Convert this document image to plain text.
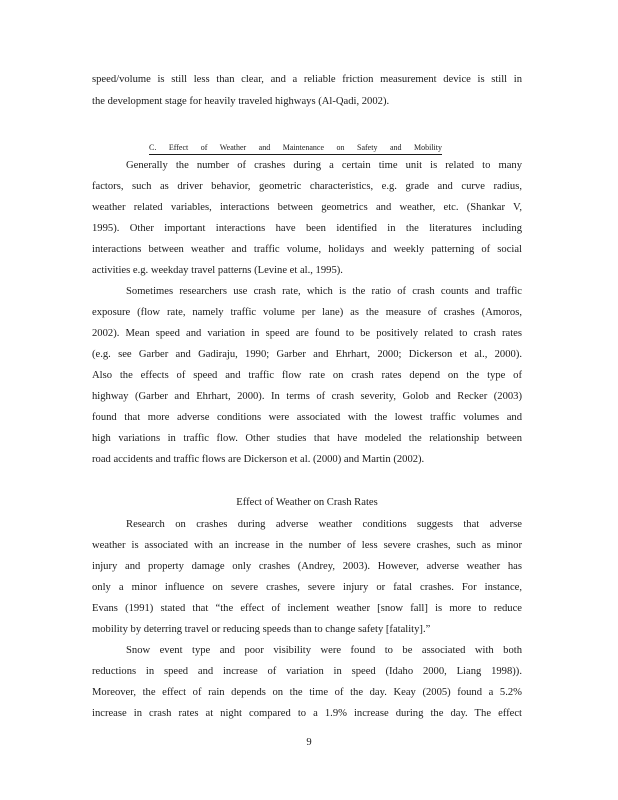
speed/volume is still less than clear, and a reliable friction measurement device is still in
the development stage for heavily traveled highways (Al-Qadi, 2002).
C. Effect of Weather and Maintenance on Safety and Mobility
Generally the number of crashes during a certain time unit is related to many
factors, such as driver behavior, geometric characteristics, e.g. grade and curve radius,
weather related variables, interactions between geometrics and weather, etc. (Shankar V,
1995). Other important interactions have been identified in the literatures including
interactions between weather and traffic volume, holidays and weekly patterning of social
activities e.g. weekday travel patterns (Levine et al., 1995).
Sometimes researchers use crash rate, which is the ratio of crash counts and traffic
exposure (flow rate, namely traffic volume per lane) as the measure of crashes (Amoros,
2002). Mean speed and variation in speed are found to be positively related to crash rates
(e.g. see Garber and Gadiraju, 1990; Garber and Ehrhart, 2000; Dickerson et al., 2000).
Also the effects of speed and traffic flow rate on crash rates depend on the type of
highway (Garber and Ehrhart, 2000). In terms of crash severity, Golob and Recker (2003)
found that more adverse conditions were associated with the lowest traffic volumes and
high variations in traffic flow. Other studies that have modeled the relationship between
road accidents and traffic flows are Dickerson et al. (2000) and Martin (2002).
Effect of Weather on Crash Rates
Research on crashes during adverse weather conditions suggests that adverse
weather is associated with an increase in the number of less severe crashes, such as minor
injury and property damage only crashes (Andrey, 2003). However, adverse weather has
only a minor influence on severe crashes, severe injury or fatal crashes. For instance,
Evans (1991) stated that “the effect of inclement weather [snow fall] is more to reduce
mobility by deterring travel or reducing speeds than to change safety [fatality].”
Snow event type and poor visibility were found to be associated with both
reductions in speed and increase of variation in speed (Idaho 2000, Liang 1998)).
Moreover, the effect of rain depends on the time of the day. Keay (2005) found a 5.2%
increase in crash rates at night compared to a 1.9% increase during the day. The effect
9
